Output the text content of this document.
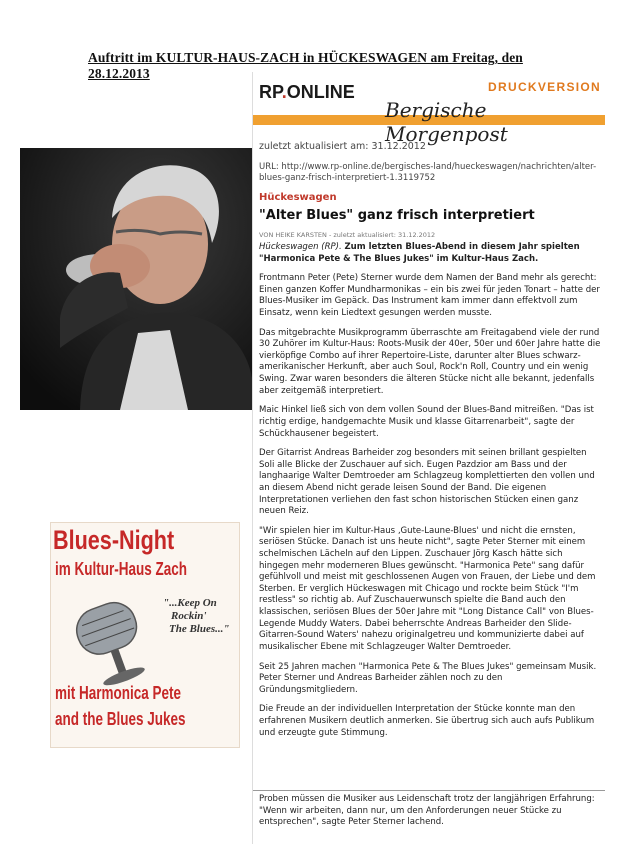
Auftritt im KULTUR-HAUS-ZACH in HÜCKESWAGEN am Freitag, den 28.12.2013
RP.ONLINE	DRUCKVERSION
Bergische Morgenpost
zuletzt aktualisiert am: 31.12.2012
URL: http://www.rp-online.de/bergisches-land/hueckeswagen/nachrichten/alter-blues-ganz-frisch-interpretiert-1.3119752
Hückeswagen
"Alter Blues" ganz frisch interpretiert
VON HEIKE KARSTEN - zuletzt aktualisiert: 31.12.2012

Hückeswagen (RP). Zum letzten Blues-Abend in diesem Jahr spielten "Harmonica Pete & The Blues Jukes" im Kultur-Haus Zach.

Frontmann Peter (Pete) Sterner wurde dem Namen der Band mehr als gerecht: Einen ganzen Koffer Mundharmonikas – ein bis zwei für jeden Tonart – hatte der Blues-Musiker im Gepäck. Das Instrument kam immer dann effektvoll zum Einsatz, wenn kein Liedtext gesungen werden musste.

Das mitgebrachte Musikprogramm überraschte am Freitagabend viele der rund 30 Zuhörer im Kultur-Haus: Roots-Musik der 40er, 50er und 60er Jahre hatte die vierköpfige Combo auf ihrer Repertoire-Liste, darunter alter Blues schwarz- amerikanischer Herkunft, aber auch Soul, Rock'n Roll, Country und ein wenig Swing. Zwar waren besonders die älteren Stücke nicht alle bekannt, jedenfalls aber zeitgemäß interpretiert.

Maic Hinkel ließ sich von dem vollen Sound der Blues-Band mitreißen. "Das ist richtig erdige, handgemachte Musik und klasse Gitarrenarbeit", sagte der Schückhausener begeistert.

Der Gitarrist Andreas Barheider zog besonders mit seinen brillant gespielten Soli alle Blicke der Zuschauer auf sich. Eugen Pazdzior am Bass und der langhaarige Walter Demtroeder am Schlagzeug komplettierten den vollen und an diesem Abend nicht gerade leisen Sound der Band. Die eigenen Interpretationen verliehen den fast schon historischen Stücken einen ganz neuen Reiz.

"Wir spielen hier im Kultur-Haus ‚Gute-Laune-Blues' und nicht die ernsten, seriösen Stücke. Danach ist uns heute nicht", sagte Peter Sterner mit einem schelmischen Lächeln auf den Lippen. Zuschauer Jörg Kasch hätte sich hingegen mehr moderneren Blues gewünscht. "Harmonica Pete" sang dafür gefühlvoll und meist mit geschlossenen Augen von Frauen, der Liebe und dem Sterben. Er verglich Hückeswagen mit Chicago und rockte beim Stück "I'm restless" so richtig ab. Auf Zuschauerwunsch spielte die Band auch den klassischen, seriösen Blues der 50er Jahre mit "Long Distance Call" von Blues-Legende Muddy Waters. Dabei beherrschte Andreas Barheider den Slide-Gitarren-Sound Waters' nahezu originalgetreu und kommunizierte dabei auf musikalischer Ebene mit Schlagzeuger Walter Demtroeder.

Seit 25 Jahren machen "Harmonica Pete & The Blues Jukes" gemeinsam Musik. Peter Sterner und Andreas Barheider zählen noch zu den Gründungsmitgliedern.

Die Freude an der individuellen Interpretation der Stücke konnte man den erfahrenen Musikern deutlich anmerken. Sie übertrug sich auch aufs Publikum und erzeugte gute Stimmung.

Proben müssen die Musiker aus Leidenschaft trotz der langjährigen Erfahrung: "Wenn wir arbeiten, dann nur, um den Anforderungen neuer Stücke zu entsprechen", sagte Peter Sterner lachend.
Blues-Night
im Kultur-Haus Zach
"...Keep On
Rockin'
The Blues..."
mit Harmonica Pete
and the Blues Jukes
